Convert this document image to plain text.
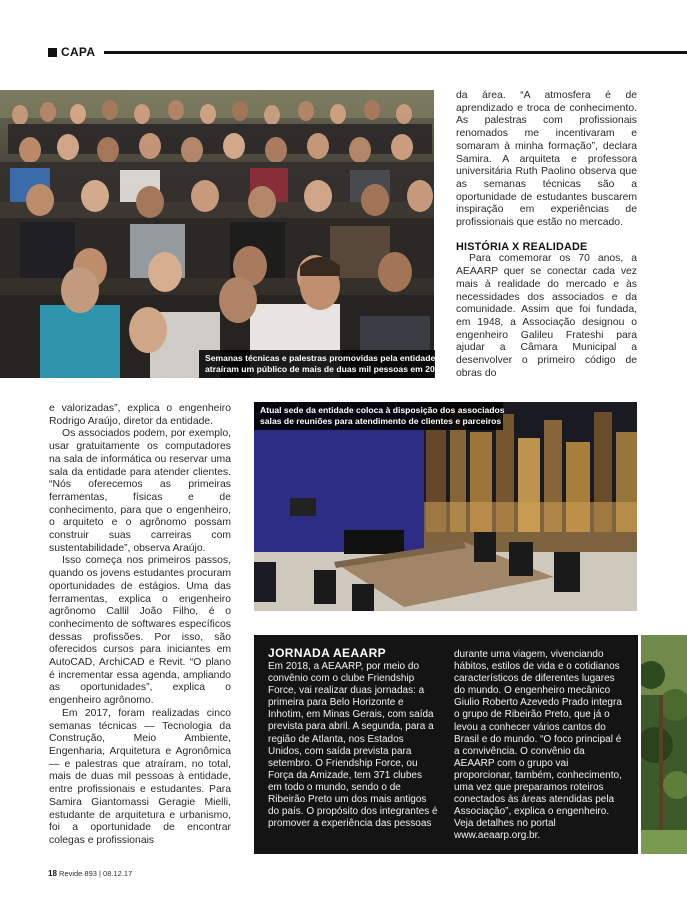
CAPA
Semanas técnicas e palestras promovidas pela entidade
atraíram um público de mais de duas mil pessoas em 2017

da área. “A atmosfera é de aprendizado e troca de conhecimento. As palestras com profissionais renomados me incentivaram e somaram à minha formação”, declara Samira. A arquiteta e professora universitária Ruth Paolino observa que as semanas técnicas são a oportunidade de estudantes buscarem inspiração em experiências de profissionais que estão no mercado.

HISTÓRIA X REALIDADE

Para comemorar os 70 anos, a AEAARP quer se conectar cada vez mais à realidade do mercado e às necessidades dos associados e da comunidade. Assim que foi fundada, em 1948, a Associação designou o engenheiro Galileu Frateshi para ajudar a Câmara Municipal a desenvolver o primeiro código de obras do

Atual sede da entidade coloca à disposição dos associados
salas de reuniões para atendimento de clientes e parceiros

e valorizadas”, explica o engenheiro Rodrigo Araújo, diretor da entidade.

Os associados podem, por exemplo, usar gratuitamente os computadores na sala de informática ou reservar uma sala da entidade para atender clientes. “Nós oferecemos as primeiras ferramentas, físicas e de conhecimento, para que o engenheiro, o arquiteto e o agrônomo possam construir suas carreiras com sustentabilidade”, observa Araújo.

Isso começa nos primeiros passos, quando os jovens estudantes procuram oportunidades de estágios. Uma das ferramentas, explica o engenheiro agrônomo Callil João Filho, é o conhecimento de softwares específicos dessas profissões. Por isso, são oferecidos cursos para iniciantes em AutoCAD, ArchiCAD e Revit. “O plano é incrementar essa agenda, ampliando as oportunidades”, explica o engenheiro agrônomo.

Em 2017, foram realizadas cinco semanas técnicas — Tecnologia da Construção, Meio Ambiente, Engenharia, Arquitetura e Agronômica — e palestras que atraíram, no total, mais de duas mil pessoas à entidade, entre profissionais e estudantes. Para Samira Giantomassi Geragie Mielli, estudante de arquitetura e urbanismo, foi a oportunidade de encontrar colegas e profissionais

JORNADA AEAARP

Em 2018, a AEAARP, por meio do convênio com o clube Friendship Force, vai realizar duas jornadas: a primeira para Belo Horizonte e Inhotim, em Minas Gerais, com saída prevista para abril. A segunda, para a região de Atlanta, nos Estados Unidos, com saída prevista para setembro. O Friendship Force, ou Força da Amizade, tem 371 clubes em todo o mundo, sendo o de Ribeirão Preto um dos mais antigos do país. O propósito dos integrantes é promover a experiência das pessoas

durante uma viagem, vivenciando hábitos, estilos de vida e o cotidianos característicos de diferentes lugares do mundo. O engenheiro mecânico Giulio Roberto Azevedo Prado integra o grupo de Ribeirão Preto, que já o levou a conhecer vários cantos do Brasil e do mundo. “O foco principal é a convivência. O convênio da AEAARP com o grupo vai proporcionar, também, conhecimento, uma vez que preparamos roteiros conectados às áreas atendidas pela Associação”, explica o engenheiro. Veja detalhes no portal www.aeaarp.org.br.

18 Revide 893 | 08.12.17
